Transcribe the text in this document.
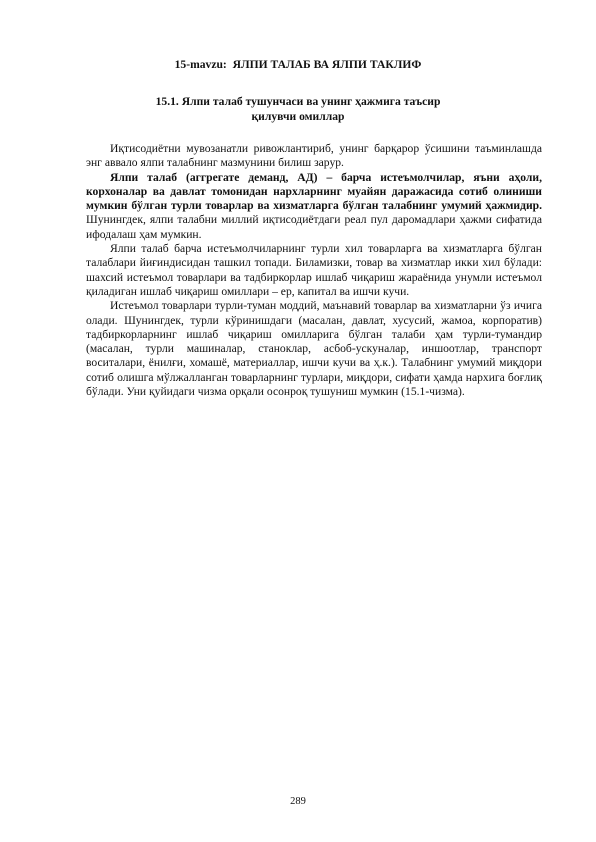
15-mavzu:  ЯЛПИ ТАЛАБ ВА ЯЛПИ ТАКЛИФ
15.1. Ялпи талаб тушунчаси ва унинг ҳажмига таъсир
қилувчи омиллар

Иқтисодиётни мувозанатли ривожлантириб, унинг барқарор ўсишини таъминлашда энг аввало ялпи талабнинг мазмунини билиш зарур.

Ялпи талаб (аггрегате деманд, АД) – барча истеъмолчилар, яъни аҳоли, корхоналар ва давлат томонидан нархларнинг муайян даражасида сотиб олиниши мумкин бўлган турли товарлар ва хизматларга бўлган талабнинг умумий ҳажмидир. Шунингдек, ялпи талабни миллий иқтисодиётдаги реал пул даромадлари ҳажми сифатида ифодалаш ҳам мумкин.

Ялпи талаб барча истеъмолчиларнинг турли хил товарларга ва хизматларга бўлган талаблари йиғиндисидан ташкил топади. Биламизки, товар ва хизматлар икки хил бўлади: шахсий истеъмол товарлари ва тадбиркорлар ишлаб чиқариш жараёнида унумли истеъмол қиладиган ишлаб чиқариш омиллари – ер, капитал ва ишчи кучи.

Истеъмол товарлари турли-туман моддий, маънавий товарлар ва хизматларни ўз ичига олади. Шунингдек, турли кўринишдаги (масалан, давлат, хусусий, жамоа, корпоратив) тадбиркорларнинг ишлаб чиқариш омилларига бўлган талаби ҳам турли-тумандир (масалан, турли машиналар, станоклар, асбоб-ускуналар, иншоотлар, транспорт воситалари, ёнилғи, хомашё, материаллар, ишчи кучи ва ҳ.к.). Талабнинг умумий миқдори сотиб олишга мўлжалланган товарларнинг турлари, миқдори, сифати ҳамда нархига боғлиқ бўлади. Уни қуйидаги чизма орқали осонроқ тушуниш мумкин (15.1-чизма).

289
